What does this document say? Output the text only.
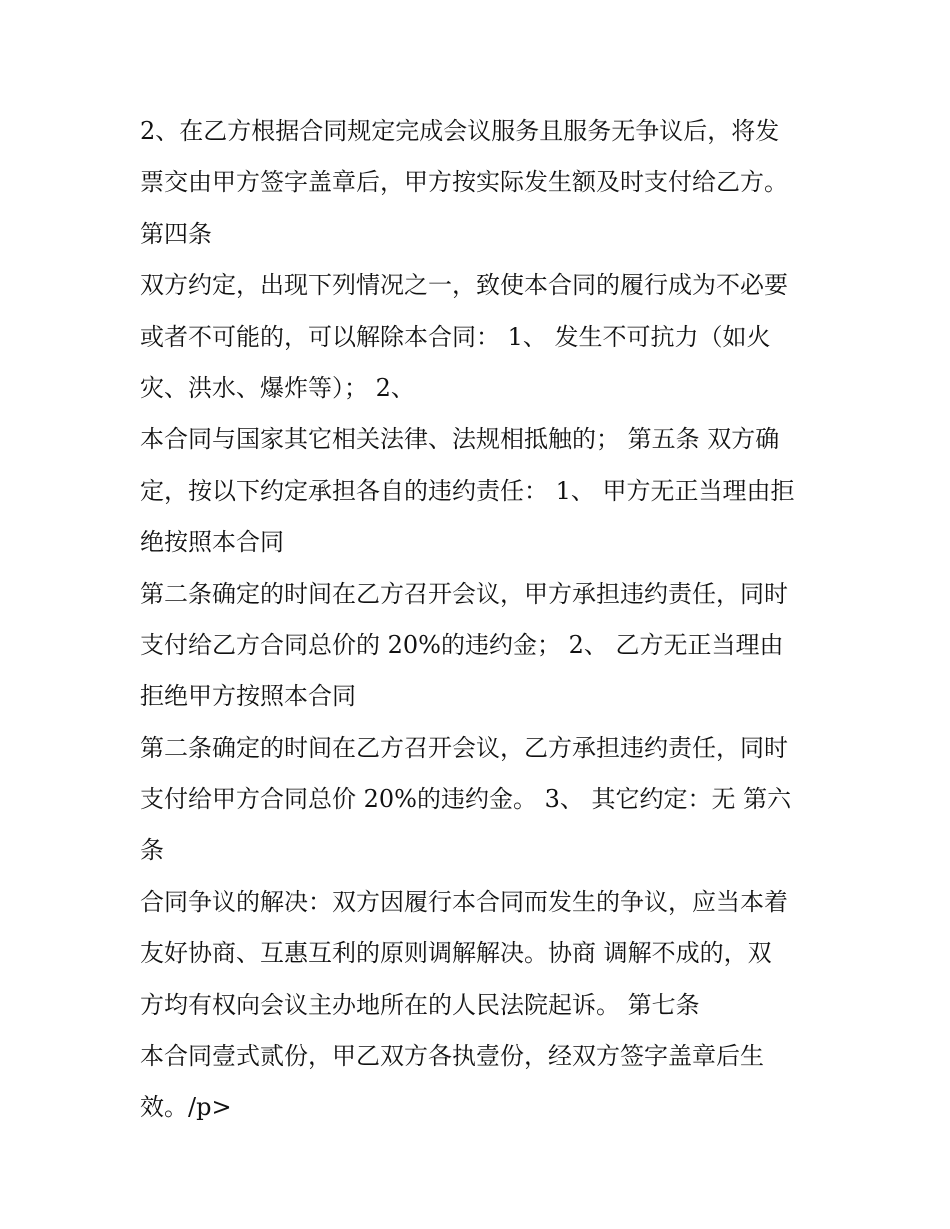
2、在乙方根据合同规定完成会议服务且服务无争议后，将发
票交由甲方签字盖章后，甲方按实际发生额及时支付给乙方。
第四条
双方约定，出现下列情况之一，致使本合同的履行成为不必要
或者不可能的，可以解除本合同： 1、 发生不可抗力（如火
灾、洪水、爆炸等）； 2、
本合同与国家其它相关法律、法规相抵触的； 第五条 双方确
定，按以下约定承担各自的违约责任： 1、 甲方无正当理由拒
绝按照本合同
第二条确定的时间在乙方召开会议，甲方承担违约责任，同时
支付给乙方合同总价的 20%的违约金； 2、 乙方无正当理由
拒绝甲方按照本合同
第二条确定的时间在乙方召开会议，乙方承担违约责任，同时
支付给甲方合同总价 20%的违约金。 3、 其它约定：无 第六
条
合同争议的解决：双方因履行本合同而发生的争议，应当本着
友好协商、互惠互利的原则调解解决。协商 调解不成的，双
方均有权向会议主办地所在的人民法院起诉。 第七条
本合同壹式贰份，甲乙双方各执壹份，经双方签字盖章后生
效。/p>
